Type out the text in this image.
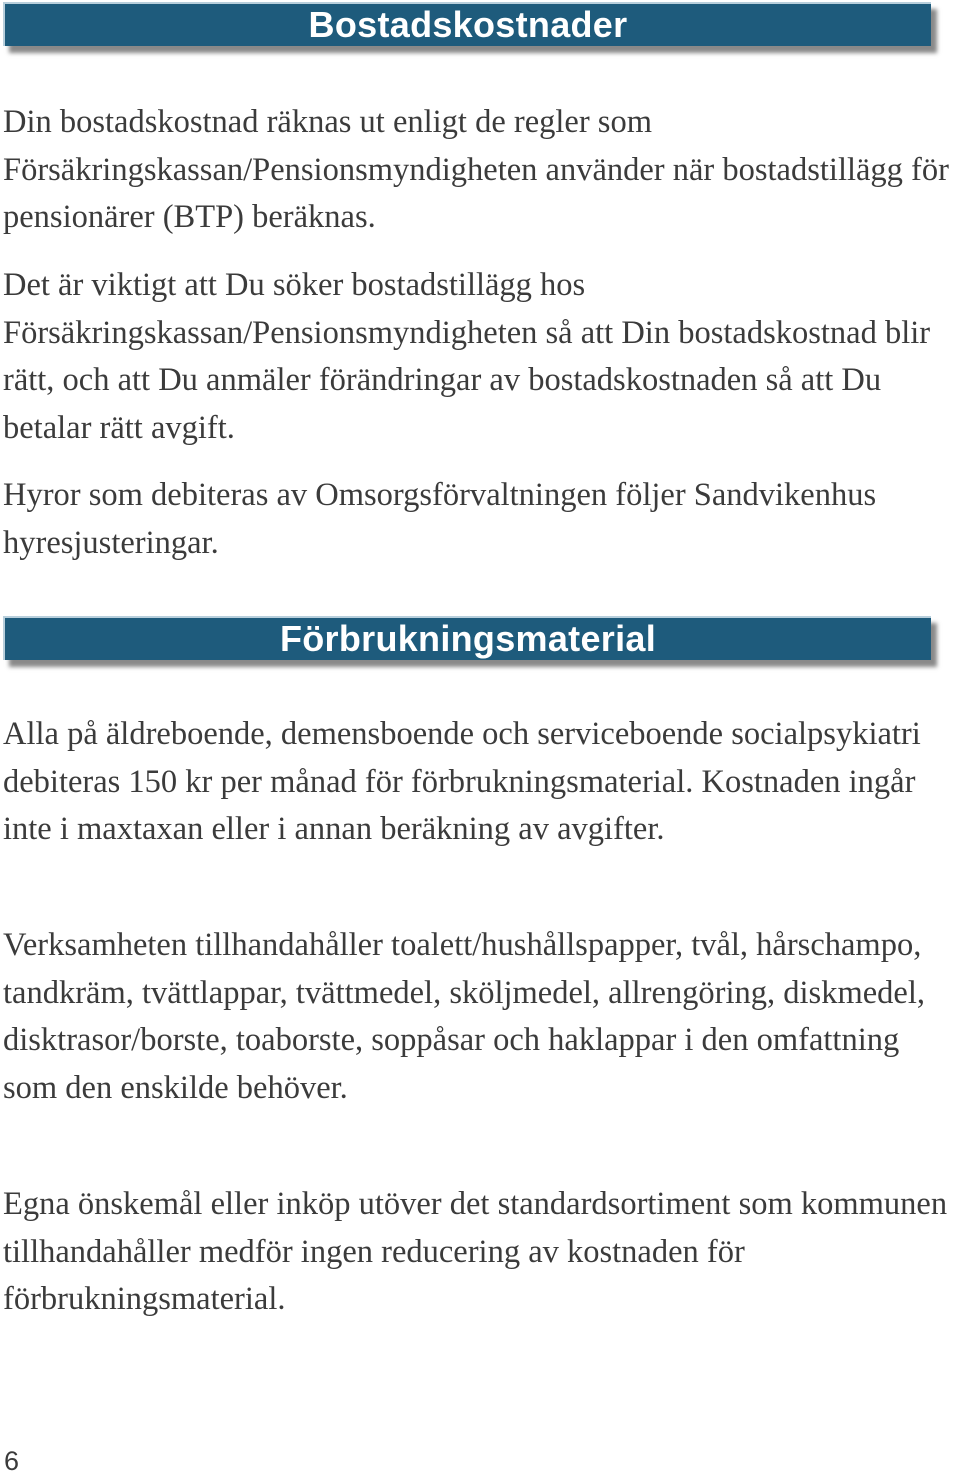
Bostadskostnader

Din bostadskostnad räknas ut enligt de regler som Försäkringskassan/Pensionsmyndigheten använder när bostadstillägg för pensionärer (BTP) beräknas.

Det är viktigt att Du söker bostadstillägg hos Försäkringskassan/Pensionsmyndigheten så att Din bostadskostnad blir rätt, och att Du anmäler förändringar av bostadskostnaden så att Du betalar rätt avgift.

Hyror som debiteras av Omsorgsförvaltningen följer Sandvikenhus hyresjusteringar.

Förbrukningsmaterial

Alla på äldreboende, demensboende och serviceboende socialpsykiatri debiteras 150 kr per månad för förbrukningsmaterial. Kostnaden ingår inte i maxtaxan eller i annan beräkning av avgifter.

Verksamheten tillhandahåller toalett/hushållspapper, tvål, hårschampo, tandkräm, tvättlappar, tvättmedel, sköljmedel, allrengöring, diskmedel, disktrasor/borste, toaborste, soppåsar och haklappar i den omfattning som den enskilde behöver.

Egna önskemål eller inköp utöver det standardsortiment som kommunen tillhandahåller medför ingen reducering av kostnaden för förbrukningsmaterial.

6
